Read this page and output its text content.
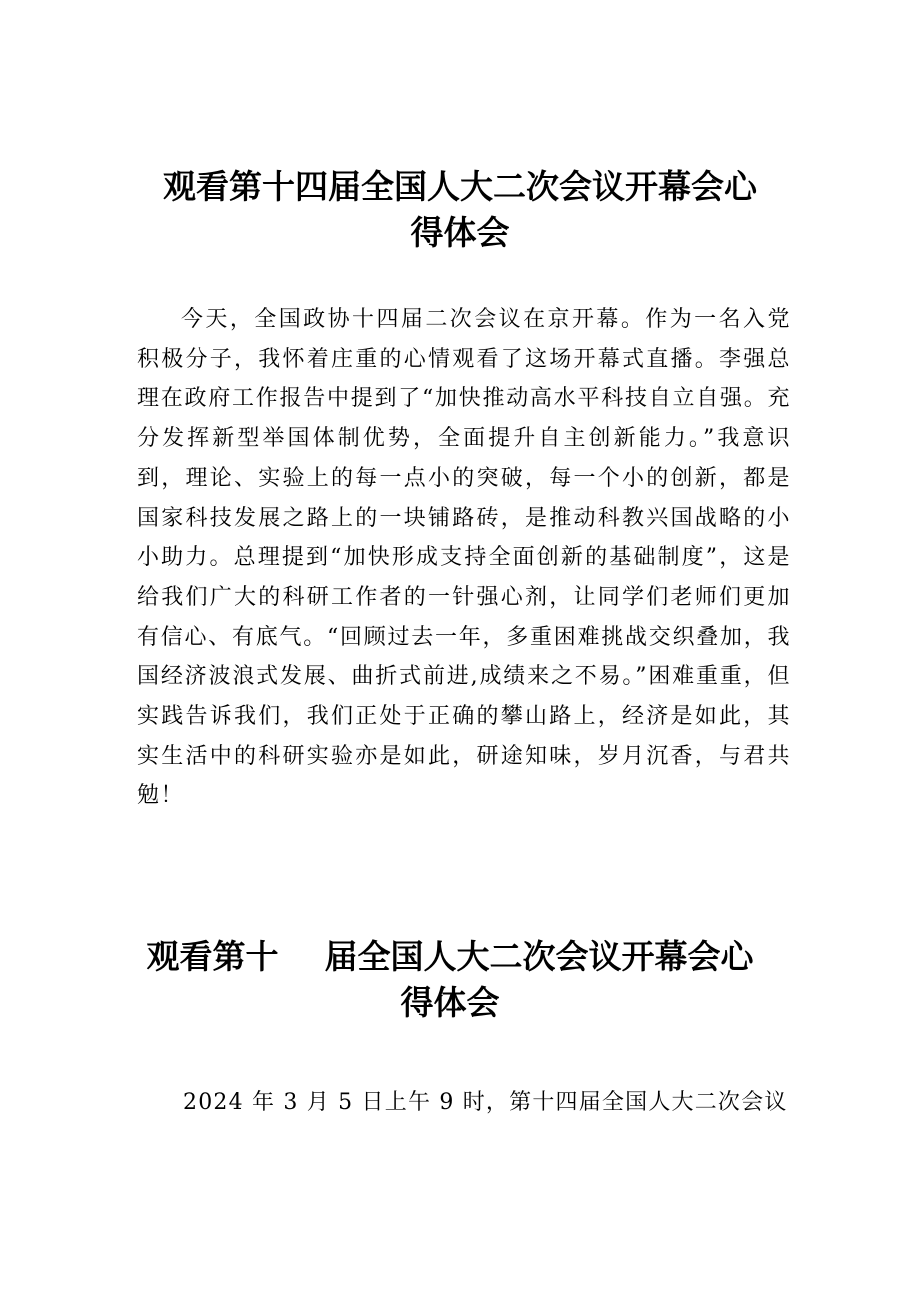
观看第十四届全国人大二次会议开幕会心
得体会

今天，全国政协十四届二次会议在京开幕。作为一名入党积极分子，我怀着庄重的心情观看了这场开幕式直播。李强总理在政府工作报告中提到了“加快推动高水平科技自立自强。充分发挥新型举国体制优势，全面提升自主创新能力。”我意识到，理论、实验上的每一点小的突破，每一个小的创新，都是国家科技发展之路上的一块铺路砖，是推动科教兴国战略的小小助力。总理提到“加快形成支持全面创新的基础制度”，这是给我们广大的科研工作者的一针强心剂，让同学们老师们更加有信心、有底气。“回顾过去一年，多重困难挑战交织叠加，我国经济波浪式发展、曲折式前进,成绩来之不易。”困难重重，但实践告诉我们，我们正处于正确的攀山路上，经济是如此，其实生活中的科研实验亦是如此，研途知味，岁月沉香，与君共勉！

观看第十    届全国人大二次会议开幕会心
得体会

2024 年 3 月 5 日上午 9 时，第十四届全国人大二次会议
